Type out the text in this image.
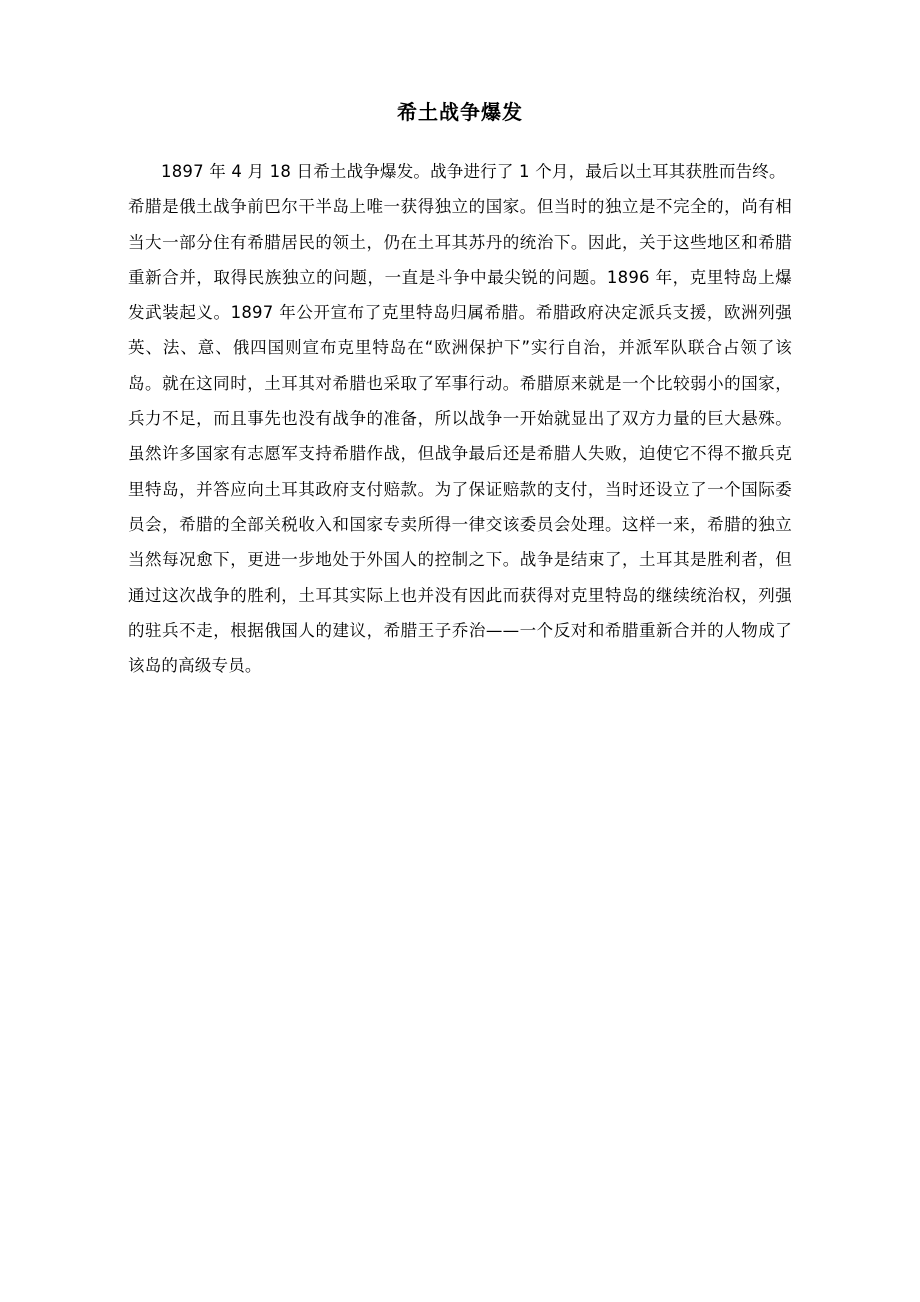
希土战争爆发

1897 年 4 月 18 日希土战争爆发。战争进行了 1 个月，最后以土耳其获胜而告终。

希腊是俄土战争前巴尔干半岛上唯一获得独立的国家。但当时的独立是不完全的，尚有相当大一部分住有希腊居民的领土，仍在土耳其苏丹的统治下。因此，关于这些地区和希腊重新合并，取得民族独立的问题，一直是斗争中最尖锐的问题。1896 年，克里特岛上爆发武装起义。1897 年公开宣布了克里特岛归属希腊。希腊政府决定派兵支援，欧洲列强英、法、意、俄四国则宣布克里特岛在“欧洲保护下”实行自治，并派军队联合占领了该岛。就在这同时，土耳其对希腊也采取了军事行动。希腊原来就是一个比较弱小的国家，兵力不足，而且事先也没有战争的准备，所以战争一开始就显出了双方力量的巨大悬殊。虽然许多国家有志愿军支持希腊作战，但战争最后还是希腊人失败，迫使它不得不撤兵克里特岛，并答应向土耳其政府支付赔款。为了保证赔款的支付，当时还设立了一个国际委员会，希腊的全部关税收入和国家专卖所得一律交该委员会处理。这样一来，希腊的独立当然每况愈下，更进一步地处于外国人的控制之下。战争是结束了，土耳其是胜利者，但通过这次战争的胜利，土耳其实际上也并没有因此而获得对克里特岛的继续统治权，列强的驻兵不走，根据俄国人的建议，希腊王子乔治——一个反对和希腊重新合并的人物成了该岛的高级专员。
